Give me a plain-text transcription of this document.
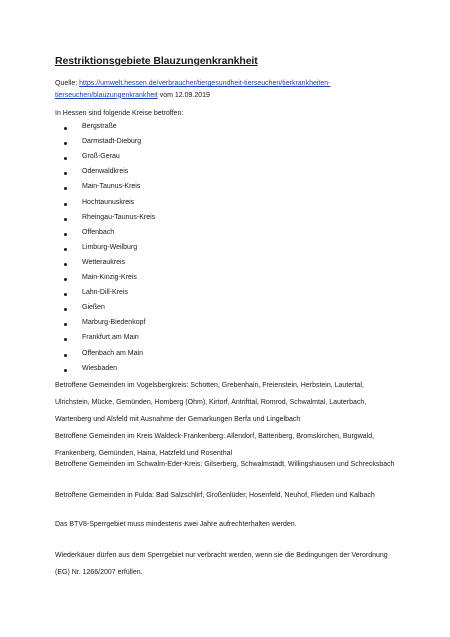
Restriktionsgebiete Blauzungenkrankheit
Quelle: https://umwelt.hessen.de/verbraucher/tiergesundheit-tierseuchen/tierkrankheiten-tierseuchen/blauzungenkrankheit vom 12.09.2019
In Hessen sind folgende Kreise betroffen:
Bergstraße
Darmstadt-Dieburg
Groß-Gerau
Odenwaldkreis
Main-Taunus-Kreis
Hochtaunuskreis
Rheingau-Taunus-Kreis
Offenbach
Limburg-Weilburg
Wetteraukreis
Main-Kinzig-Kreis
Lahn-Dill-Kreis
Gießen
Marburg-Biedenkopf
Frankfurt am Main
Offenbach am Main
Wiesbaden
Betroffene Gemeinden im Vogelsbergkreis: Schotten, Grebenhain, Freienstein, Herbstein, Lautertal, Ulrichstein, Mücke, Gemünden, Homberg (Ohm), Kirtorf, Antrifttal, Romrod, Schwalmtal, Lauterbach, Wartenberg und Alsfeld mit Ausnahme der Gemarkungen Berfa und Lingelbach
Betroffene Gemeinden im Kreis Waldeck-Frankenberg: Allendorf, Battenberg, Bromskirchen, Burgwald, Frankenberg, Gemünden, Haina, Hatzfeld und Rosenthal
Betroffene Gemeinden im Schwalm-Eder-Kreis: Gilserberg, Schwalmstadt, Willingshausen und Schrecksbach
Betroffene Gemeinden in Fulda: Bad Salzschlirf, Großenlüder, Hosenfeld, Neuhof, Flieden und Kalbach
Das BTV8-Sperrgebiet muss mindestens zwei Jahre aufrechterhalten werden.
Wiederkäuer dürfen aus dem Sperrgebiet nur verbracht werden, wenn sie die Bedingungen der Verordnung (EG) Nr. 1266/2007 erfüllen.
